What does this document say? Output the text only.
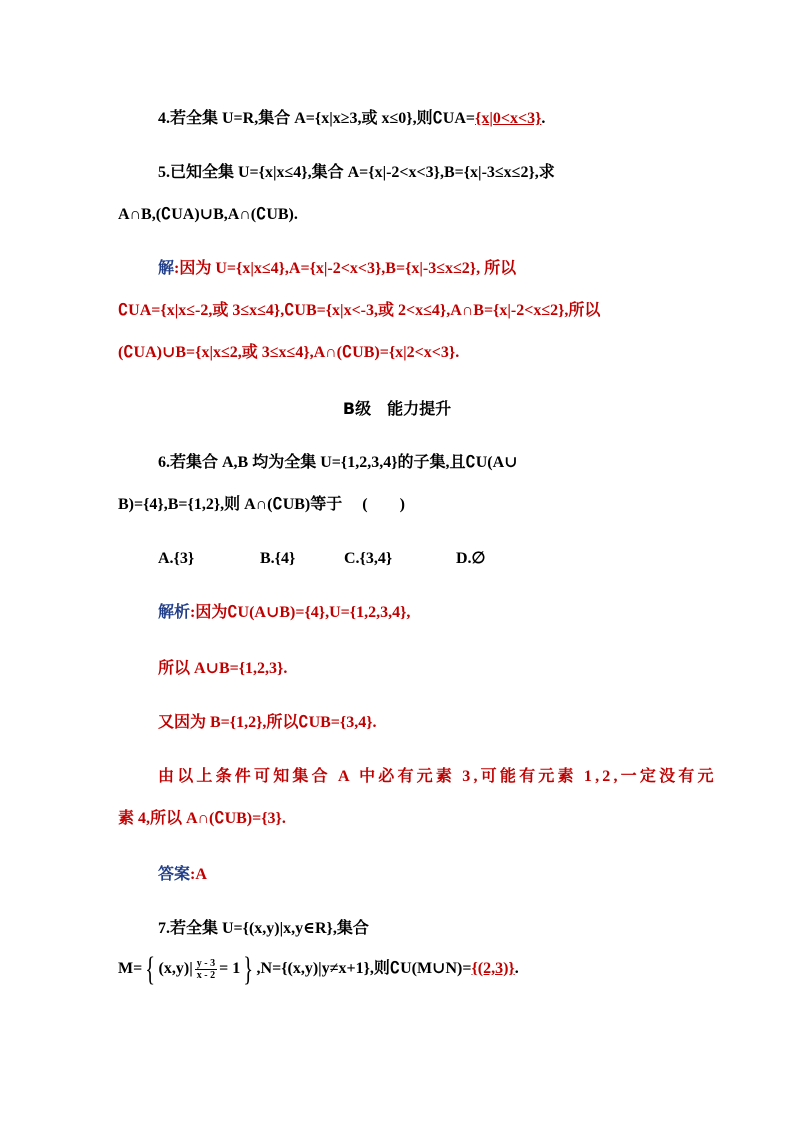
4.若全集 U=R,集合 A={x|x≥3,或 x≤0},则∁UA={x|0<x<3}.
5.已知全集 U={x|x≤4},集合 A={x|-2<x<3},B={x|-3≤x≤2},求
A∩B,(∁UA)∪B,A∩(∁UB).
解:因为 U={x|x≤4},A={x|-2<x<3},B={x|-3≤x≤2}, 所以
∁UA={x|x≤-2,或 3≤x≤4},∁UB={x|x<-3,或 2<x≤4},A∩B={x|-2<x≤2},所以
(∁UA)∪B={x|x≤2,或 3≤x≤4},A∩(∁UB)={x|2<x<3}.
B级　能力提升
6.若集合 A,B 均为全集 U={1,2,3,4}的子集,且∁U(A∪
B)={4},B={1,2},则 A∩(∁UB)等于　 (　　)
A.{3}	B.{4}	C.{3,4}	D.∅
解析:因为∁U(A∪B)={4},U={1,2,3,4},
所以 A∪B={1,2,3}.
又因为 B={1,2},所以∁UB={3,4}.
由以上条件可知集合 A 中必有元素 3,可能有元素 1,2,一定没有元
素 4,所以 A∩(∁UB)={3}.
答案:A
7.若全集 U={(x,y)|x,y∈R},集合
M={ $(x,y)| \frac{y - 3}{x - 2} = 1$} ,N={(x,y)|y≠x+1},则∁U(M∪N)={(2,3)}.
